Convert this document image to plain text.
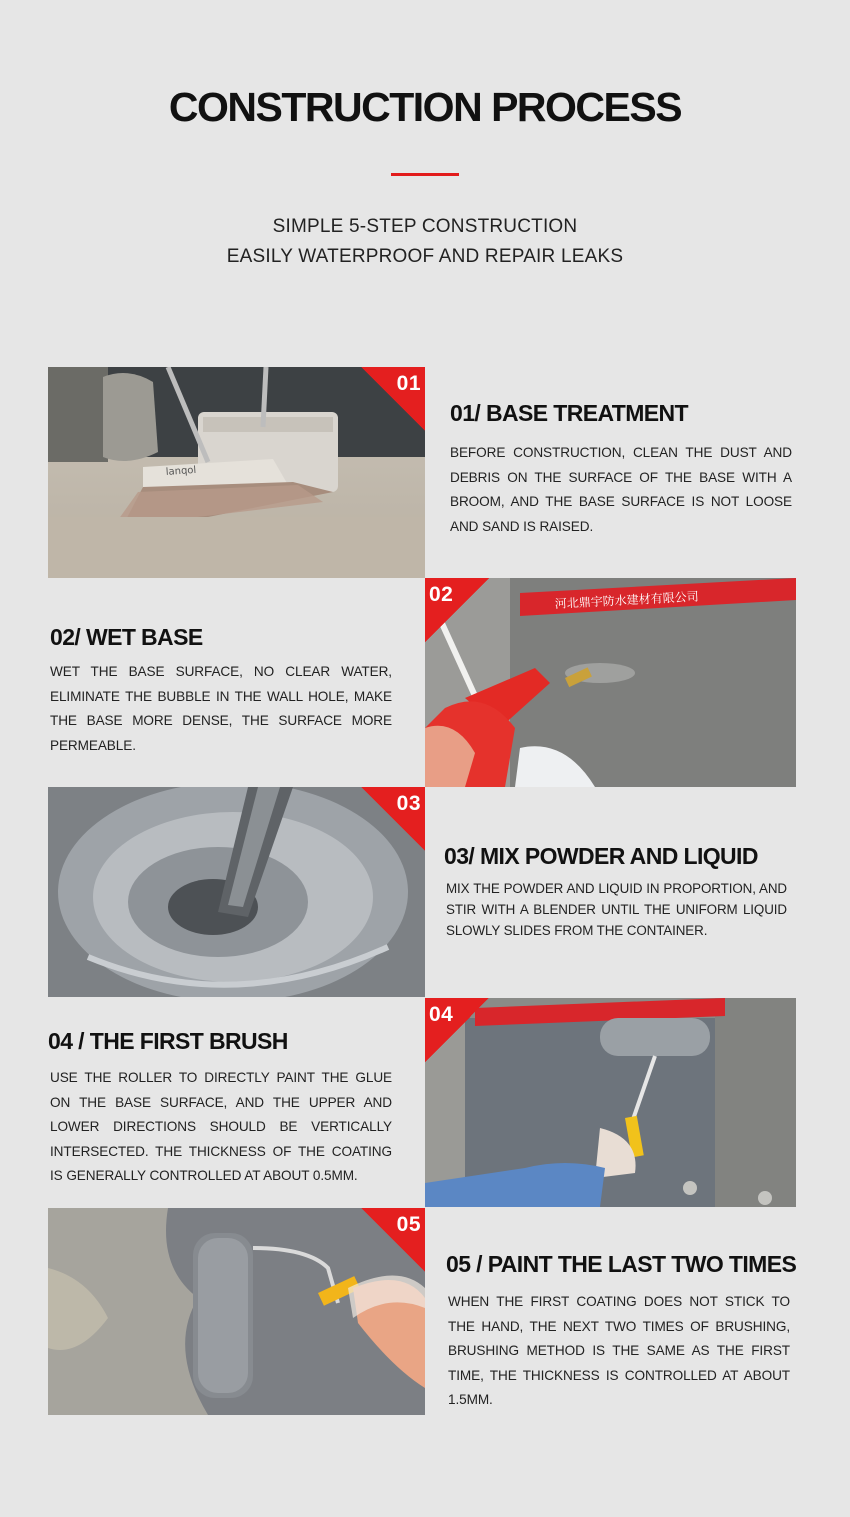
CONSTRUCTION PROCESS
SIMPLE 5-STEP CONSTRUCTION
EASILY WATERPROOF AND REPAIR LEAKS
lanqol
01
01/ BASE TREATMENT
BEFORE CONSTRUCTION, CLEAN THE DUST AND DEBRIS ON THE SURFACE OF THE BASE WITH A BROOM, AND THE BASE SURFACE IS NOT LOOSE AND SAND IS RAISED.
02/ WET BASE
WET THE BASE SURFACE, NO CLEAR WATER, ELIMINATE THE BUBBLE IN THE WALL HOLE, MAKE THE BASE MORE DENSE, THE SURFACE MORE PERMEABLE.
河北鼎宇防水建材有限公司
02
03
03/ MIX POWDER AND LIQUID
MIX THE POWDER AND LIQUID IN PROPORTION, AND STIR WITH A BLENDER UNTIL THE UNIFORM LIQUID SLOWLY SLIDES FROM THE CONTAINER.
04 / THE FIRST BRUSH
USE THE ROLLER TO DIRECTLY PAINT THE GLUE ON THE BASE SURFACE, AND THE UPPER AND LOWER DIRECTIONS SHOULD BE VERTICALLY INTERSECTED. THE THICKNESS OF THE COATING IS GENERALLY CONTROLLED AT ABOUT 0.5MM.
04
05
05 / PAINT THE LAST TWO TIMES
WHEN THE FIRST COATING DOES NOT STICK TO THE HAND, THE NEXT TWO TIMES OF BRUSHING, BRUSHING METHOD IS THE SAME AS THE FIRST TIME, THE THICKNESS IS CONTROLLED AT ABOUT 1.5MM.
